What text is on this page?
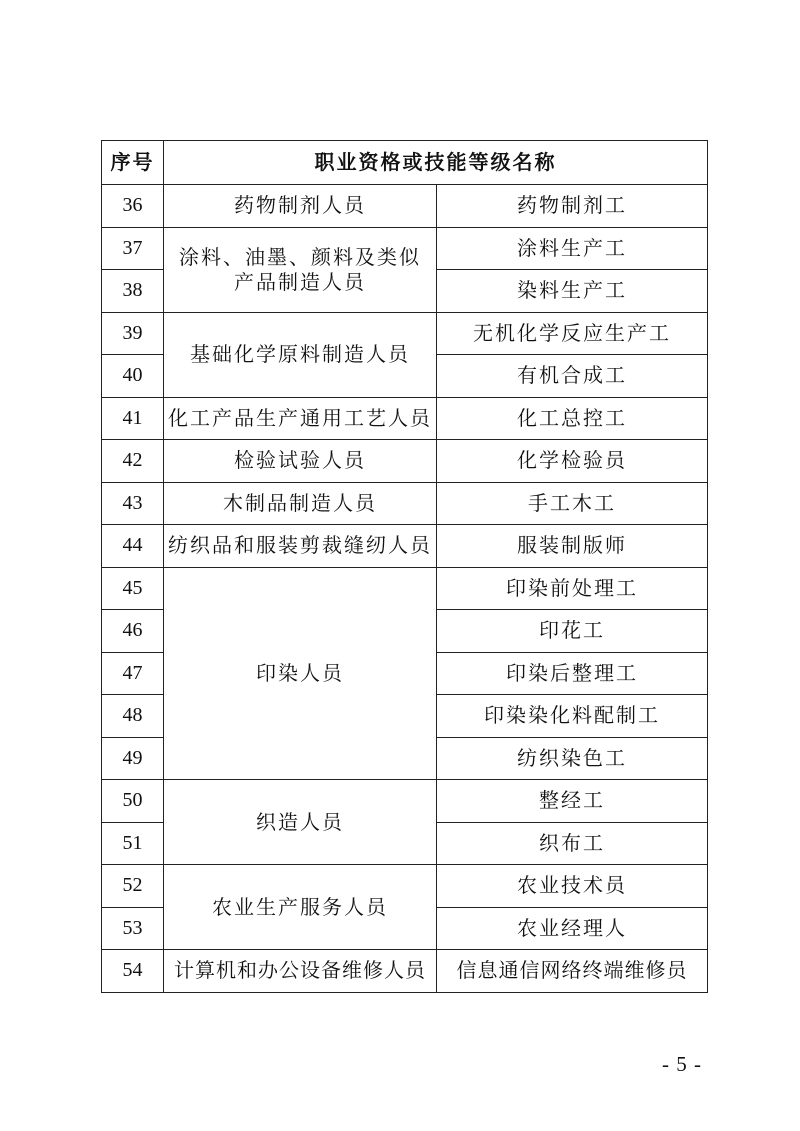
序号	职业资格或技能等级名称	
36	药物制剂人员	药物制剂工
37	涂料、油墨、颜料及类似产品制造人员	涂料生产工
38		染料生产工
39	基础化学原料制造人员	无机化学反应生产工
40		有机合成工
41	化工产品生产通用工艺人员	化工总控工
42	检验试验人员	化学检验员
43	木制品制造人员	手工木工
44	纺织品和服装剪裁缝纫人员	服装制版师
45	印染人员	印染前处理工
46		印花工
47		印染后整理工
48		印染染化料配制工
49		纺织染色工
50	织造人员	整经工
51		织布工
52	农业生产服务人员	农业技术员
53		农业经理人
54	计算机和办公设备维修人员	信息通信网络终端维修员
- 5 -
